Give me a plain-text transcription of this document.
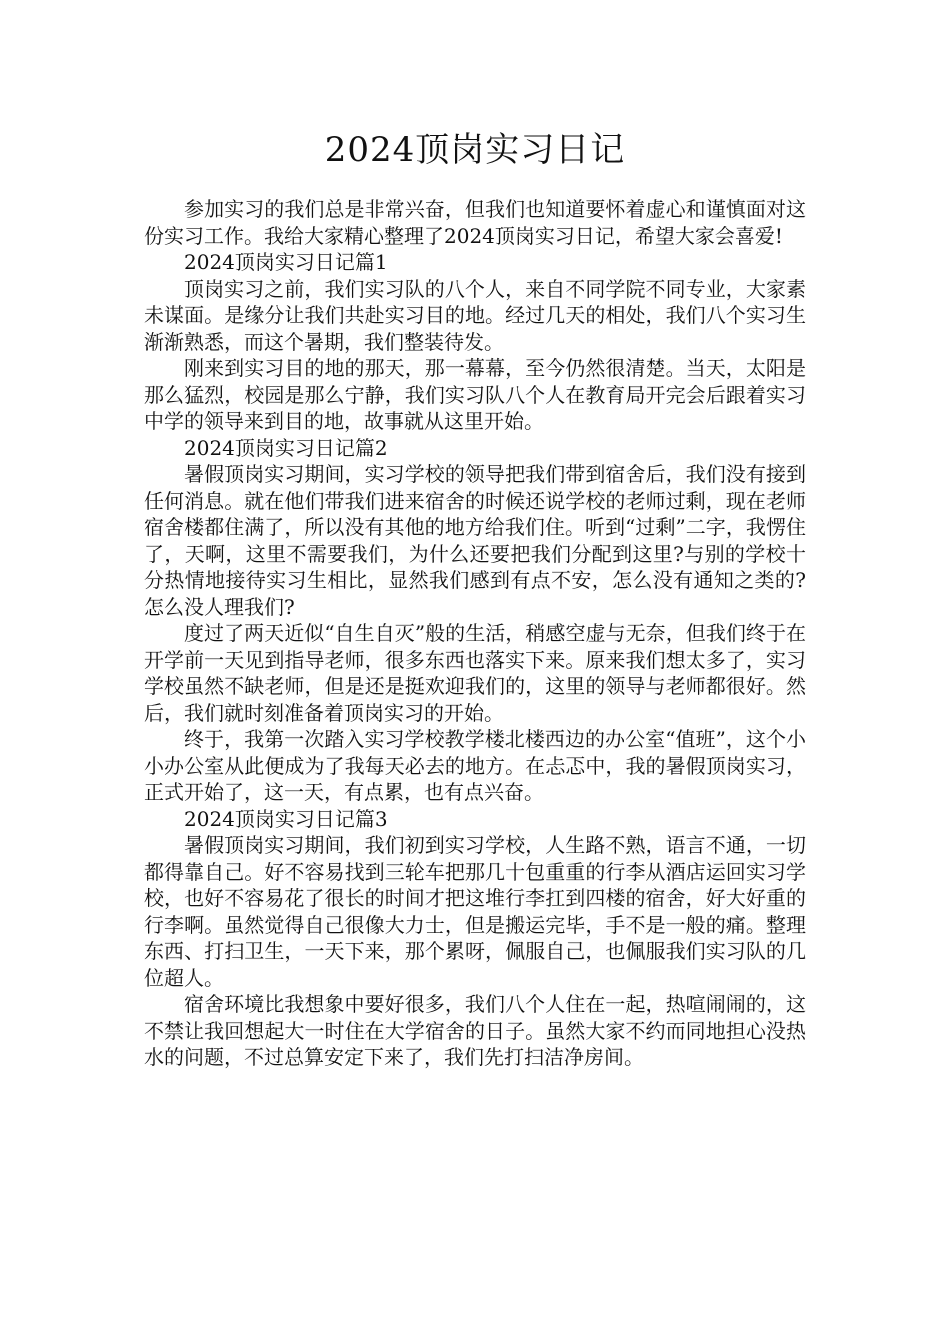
2024顶岗实习日记

参加实习的我们总是非常兴奋，但我们也知道要怀着虚心和谨慎面对这份实习工作。我给大家精心整理了2024顶岗实习日记，希望大家会喜爱!

2024顶岗实习日记篇1

顶岗实习之前，我们实习队的八个人，来自不同学院不同专业，大家素未谋面。是缘分让我们共赴实习目的地。经过几天的相处，我们八个实习生渐渐熟悉，而这个暑期，我们整装待发。

刚来到实习目的地的那天，那一幕幕，至今仍然很清楚。当天，太阳是那么猛烈，校园是那么宁静，我们实习队八个人在教育局开完会后跟着实习中学的领导来到目的地，故事就从这里开始。

2024顶岗实习日记篇2

暑假顶岗实习期间，实习学校的领导把我们带到宿舍后，我们没有接到任何消息。就在他们带我们进来宿舍的时候还说学校的老师过剩，现在老师宿舍楼都住满了，所以没有其他的地方给我们住。听到“过剩”二字，我愣住了，天啊，这里不需要我们，为什么还要把我们分配到这里?与别的学校十分热情地接待实习生相比，显然我们感到有点不安，怎么没有通知之类的?怎么没人理我们?

度过了两天近似“自生自灭”般的生活，稍感空虚与无奈，但我们终于在开学前一天见到指导老师，很多东西也落实下来。原来我们想太多了，实习学校虽然不缺老师，但是还是挺欢迎我们的，这里的领导与老师都很好。然后，我们就时刻准备着顶岗实习的开始。

终于，我第一次踏入实习学校教学楼北楼西边的办公室“值班”，这个小小办公室从此便成为了我每天必去的地方。在忐忑中，我的暑假顶岗实习，正式开始了，这一天，有点累，也有点兴奋。

2024顶岗实习日记篇3

暑假顶岗实习期间，我们初到实习学校，人生路不熟，语言不通，一切都得靠自己。好不容易找到三轮车把那几十包重重的行李从酒店运回实习学校，也好不容易花了很长的时间才把这堆行李扛到四楼的宿舍，好大好重的行李啊。虽然觉得自己很像大力士，但是搬运完毕，手不是一般的痛。整理东西、打扫卫生，一天下来，那个累呀，佩服自己，也佩服我们实习队的几位超人。

宿舍环境比我想象中要好很多，我们八个人住在一起，热喧闹闹的，这不禁让我回想起大一时住在大学宿舍的日子。虽然大家不约而同地担心没热水的问题，不过总算安定下来了，我们先打扫洁净房间。
